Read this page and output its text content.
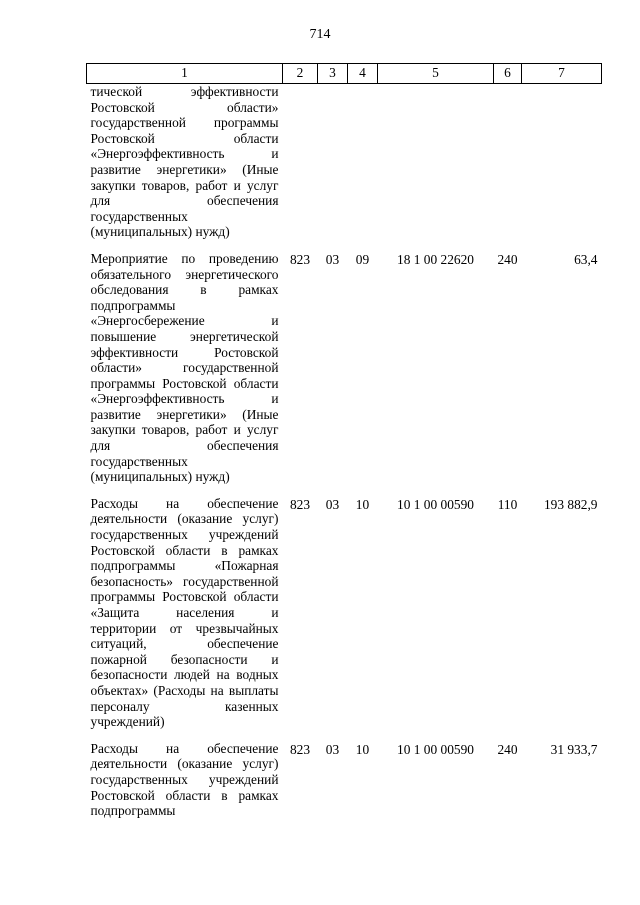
714
1	2	3	4	5	6	7
тической эффективности Ростовской области» государственной программы Ростовской области «Энергоэффективность и развитие энергетики» (Иные закупки товаров, работ и услуг для обеспечения государственных (муниципальных) нужд)						
Мероприятие по проведению обязательного энергетического обследования в рамках подпрограммы «Энергосбережение и повышение энергетической эффективности Ростовской области» государственной программы Ростовской области «Энергоэффективность и развитие энергетики» (Иные закупки товаров, работ и услуг для обеспечения государственных (муниципальных) нужд)	823	03	09	18 1 00 22620	240	63,4
Расходы на обеспечение деятельности (оказание услуг) государственных учреждений Ростовской области в рамках подпрограммы «Пожарная безопасность» государственной программы Ростовской области «Защита населения и территории от чрезвычайных ситуаций, обеспечение пожарной безопасности и безопасности людей на водных объектах» (Расходы на выплаты персоналу казенных учреждений)	823	03	10	10 1 00 00590	110	193 882,9
Расходы на обеспечение деятельности (оказание услуг) государственных учреждений Ростовской области в рамках подпрограммы	823	03	10	10 1 00 00590	240	31 933,7
